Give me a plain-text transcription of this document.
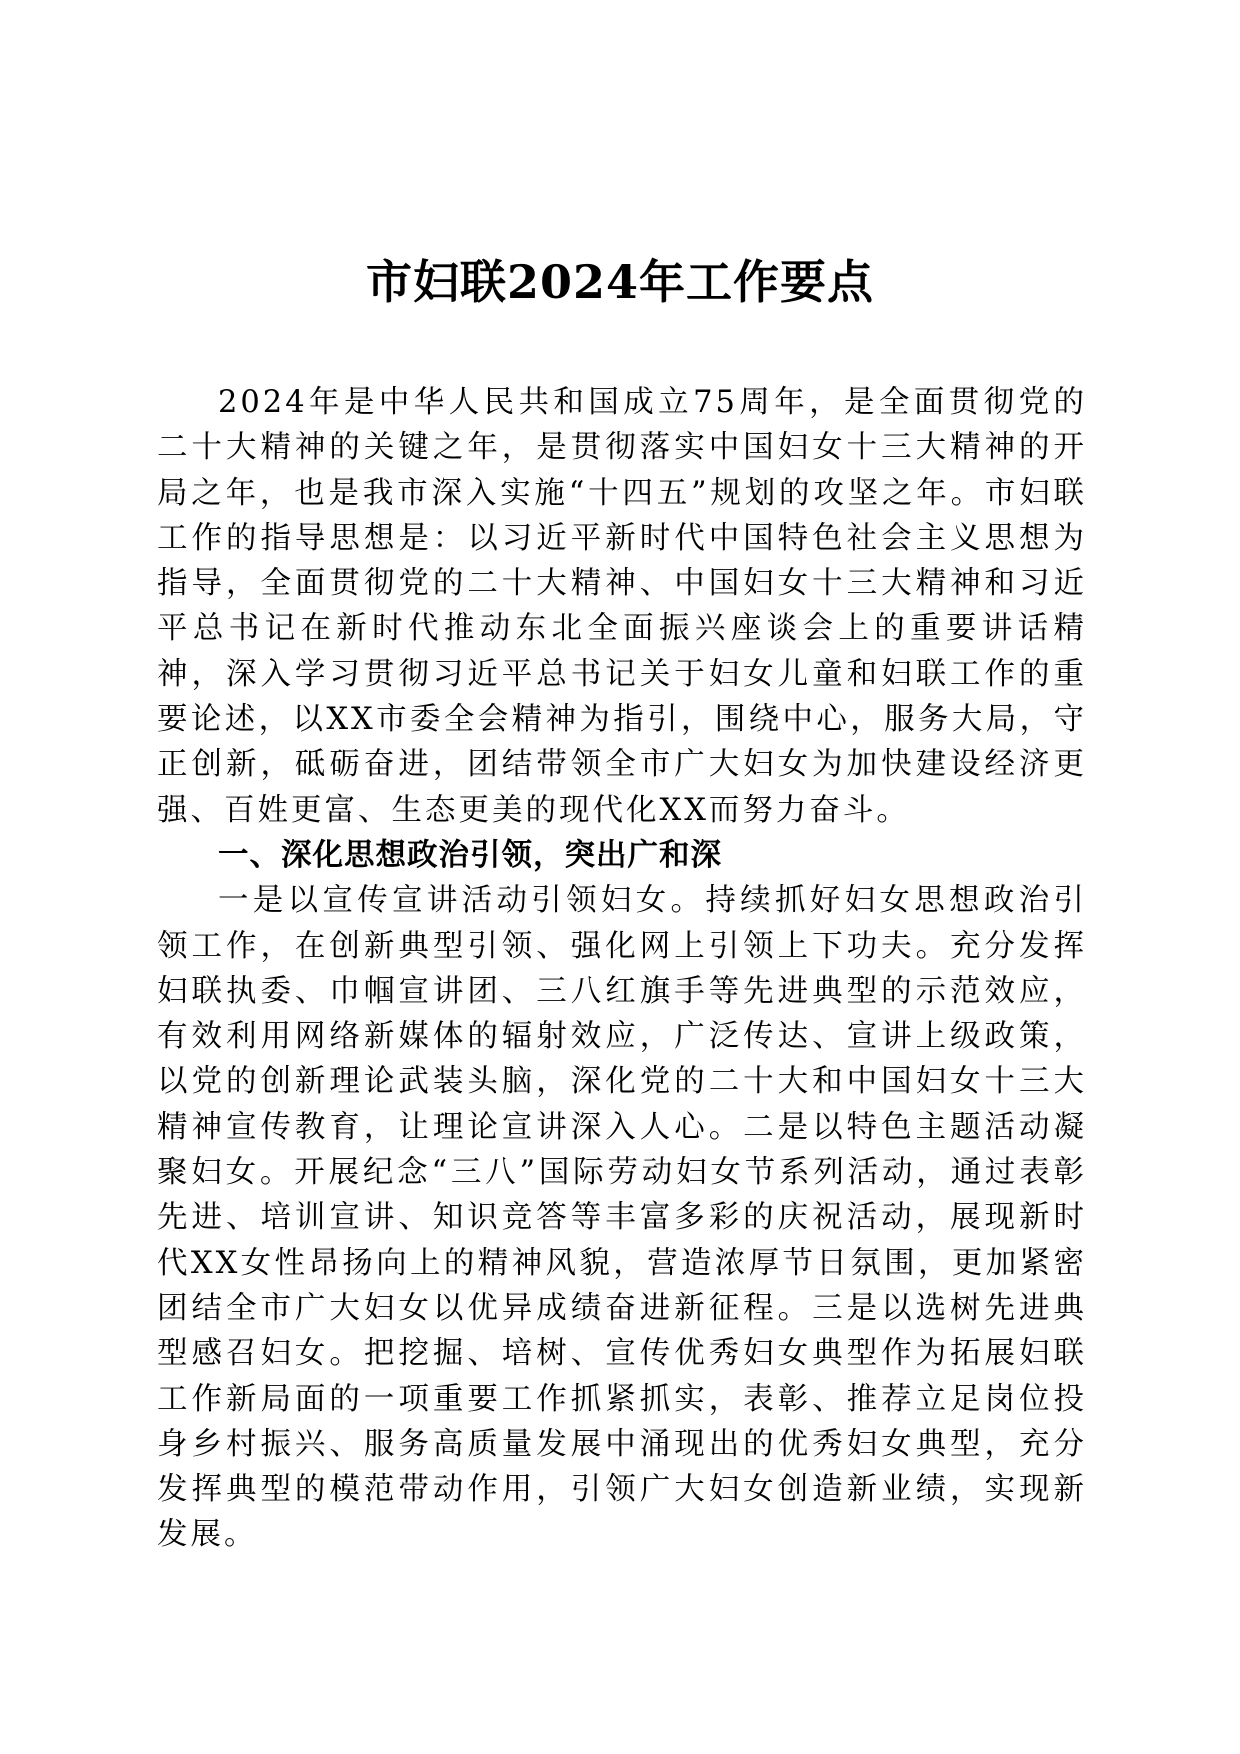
市妇联2024年工作要点

2024年是中华人民共和国成立75周年，是全面贯彻党的二十大精神的关键之年，是贯彻落实中国妇女十三大精神的开局之年，也是我市深入实施“十四五”规划的攻坚之年。市妇联工作的指导思想是：以习近平新时代中国特色社会主义思想为指导，全面贯彻党的二十大精神、中国妇女十三大精神和习近平总书记在新时代推动东北全面振兴座谈会上的重要讲话精神，深入学习贯彻习近平总书记关于妇女儿童和妇联工作的重要论述，以XX市委全会精神为指引，围绕中心，服务大局，守正创新，砥砺奋进，团结带领全市广大妇女为加快建设经济更强、百姓更富、生态更美的现代化XX而努力奋斗。

一、深化思想政治引领，突出广和深

一是以宣传宣讲活动引领妇女。持续抓好妇女思想政治引领工作，在创新典型引领、强化网上引领上下功夫。充分发挥妇联执委、巾帼宣讲团、三八红旗手等先进典型的示范效应，有效利用网络新媒体的辐射效应，广泛传达、宣讲上级政策，以党的创新理论武装头脑，深化党的二十大和中国妇女十三大精神宣传教育，让理论宣讲深入人心。二是以特色主题活动凝聚妇女。开展纪念“三八”国际劳动妇女节系列活动，通过表彰先进、培训宣讲、知识竞答等丰富多彩的庆祝活动，展现新时代XX女性昂扬向上的精神风貌，营造浓厚节日氛围，更加紧密团结全市广大妇女以优异成绩奋进新征程。三是以选树先进典型感召妇女。把挖掘、培树、宣传优秀妇女典型作为拓展妇联工作新局面的一项重要工作抓紧抓实，表彰、推荐立足岗位投身乡村振兴、服务高质量发展中涌现出的优秀妇女典型，充分发挥典型的模范带动作用，引领广大妇女创造新业绩，实现新发展。
